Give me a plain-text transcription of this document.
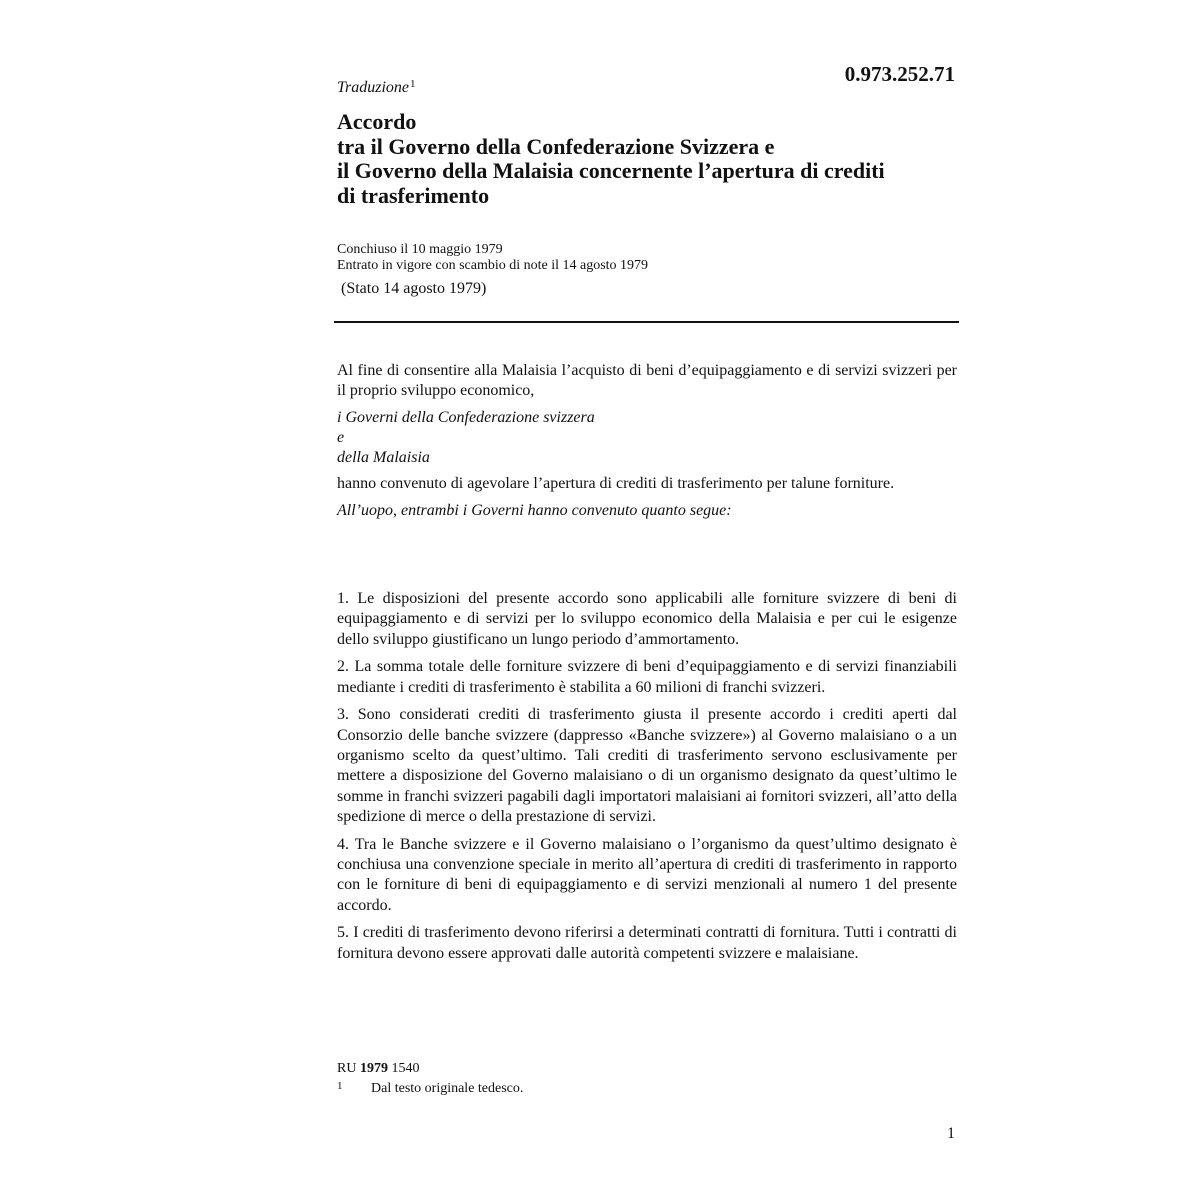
Traduzione$^1$	0.973.252.71
Accordo
tra il Governo della Confederazione Svizzera e
il Governo della Malaisia concernente l’apertura di crediti
di trasferimento
Conchiuso il 10 maggio 1979
Entrato in vigore con scambio di note il 14 agosto 1979
(Stato 14 agosto 1979)

Al fine di consentire alla Malaisia l’acquisto di beni d’equipaggiamento e di servizi svizzeri per il proprio sviluppo economico,

i Governi della Confederazione svizzera

e

della Malaisia

hanno convenuto di agevolare l’apertura di crediti di trasferimento per talune forniture.

All’uopo, entrambi i Governi hanno convenuto quanto segue:

1. Le disposizioni del presente accordo sono applicabili alle forniture svizzere di beni di equipaggiamento e di servizi per lo sviluppo economico della Malaisia e per cui le esigenze dello sviluppo giustificano un lungo periodo d’ammortamento.

2. La somma totale delle forniture svizzere di beni d’equipaggiamento e di servizi finanziabili mediante i crediti di trasferimento è stabilita a 60 milioni di franchi svizzeri.

3. Sono considerati crediti di trasferimento giusta il presente accordo i crediti aperti dal Consorzio delle banche svizzere (dappresso «Banche svizzere») al Governo malaisiano o a un organismo scelto da quest’ultimo. Tali crediti di trasferimento servono esclusivamente per mettere a disposizione del Governo malaisiano o di un organismo designato da quest’ultimo le somme in franchi svizzeri pagabili dagli importatori malaisiani ai fornitori svizzeri, all’atto della spedizione di merce o della prestazione di servizi.

4. Tra le Banche svizzere e il Governo malaisiano o l’organismo da quest’ultimo designato è conchiusa una convenzione speciale in merito all’apertura di crediti di trasferimento in rapporto con le forniture di beni di equipaggiamento e di servizi menzionali al numero 1 del presente accordo.

5. I crediti di trasferimento devono riferirsi a determinati contratti di fornitura. Tutti i contratti di fornitura devono essere approvati dalle autorità competenti svizzere e malaisiane.

RU 1979 1540
1	Dal testo originale tedesco.
1
